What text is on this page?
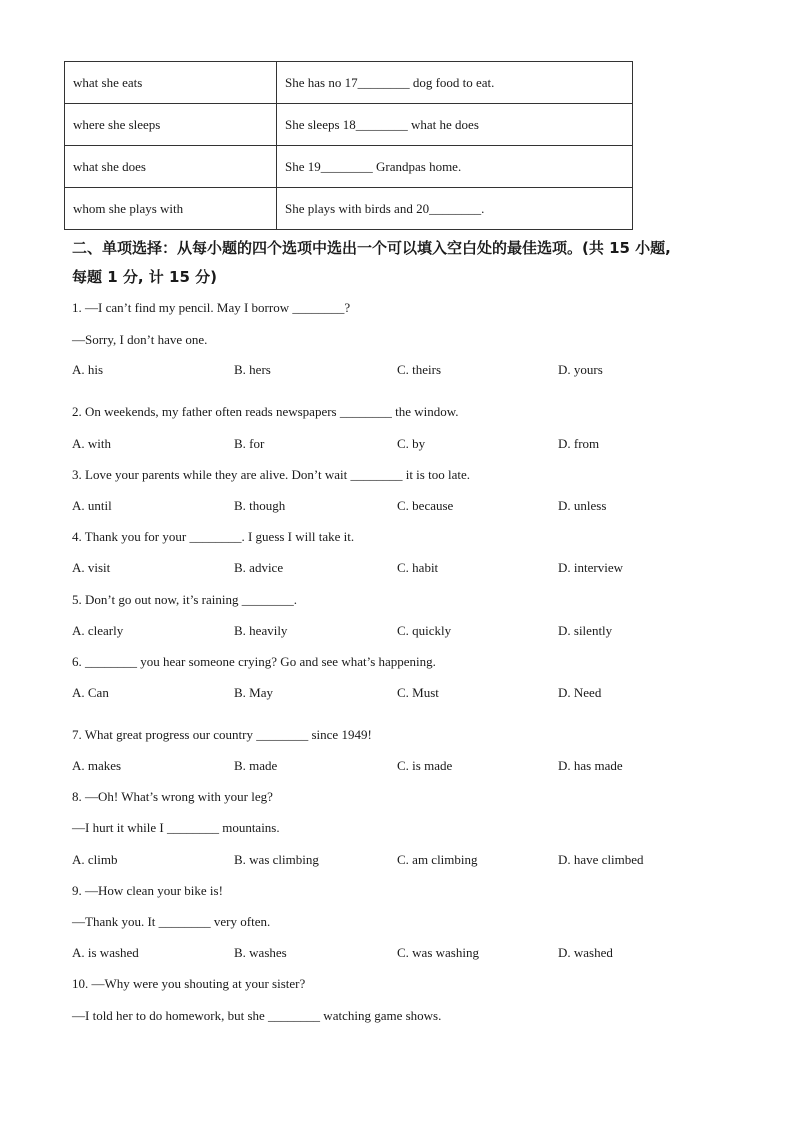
what she eats	She has no 17________ dog food to eat.
where she sleeps	She sleeps 18________ what he does
what she does	She 19________ Grandpas home.
whom she plays with	She plays with birds and 20________.
二、单项选择：从每小题的四个选项中选出一个可以填入空白处的最佳选项。(共 15 小题,
每题 1 分, 计 15 分)
1. —I can’t find my pencil. May I borrow ________?
—Sorry, I don’t have one.
A. his	B. hers	C. theirs	D. yours
2. On weekends, my father often reads newspapers ________ the window.
A. with	B. for	C. by	D. from
3. Love your parents while they are alive. Don’t wait ________ it is too late.
A. until	B. though	C. because	D. unless
4. Thank you for your ________. I guess I will take it.
A. visit	B. advice	C. habit	D. interview
5. Don’t go out now, it’s raining ________.
A. clearly	B. heavily	C. quickly	D. silently
6. ________ you hear someone crying? Go and see what’s happening.
A. Can	B. May	C. Must	D. Need
7. What great progress our country ________ since 1949!
A. makes	B. made	C. is made	D. has made
8. —Oh! What’s wrong with your leg?
—I hurt it while I ________ mountains.
A. climb	B. was climbing	C. am climbing	D. have climbed
9. —How clean your bike is!
—Thank you. It ________ very often.
A. is washed	B. washes	C. was washing	D. washed
10. —Why were you shouting at your sister?
—I told her to do homework, but she ________ watching game shows.
